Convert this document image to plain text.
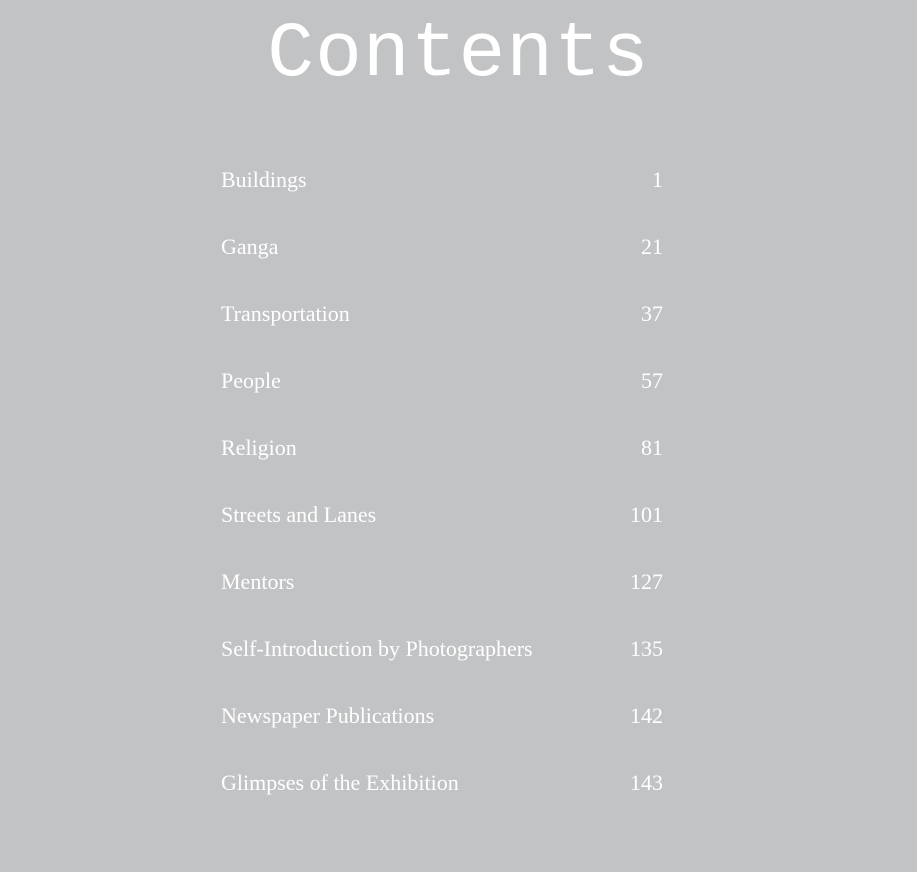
Contents
Buildings	1
Ganga	21
Transportation	37
People	57
Religion	81
Streets and Lanes	101
Mentors	127
Self-Introduction by Photographers	135
Newspaper Publications	142
Glimpses of the Exhibition	143
